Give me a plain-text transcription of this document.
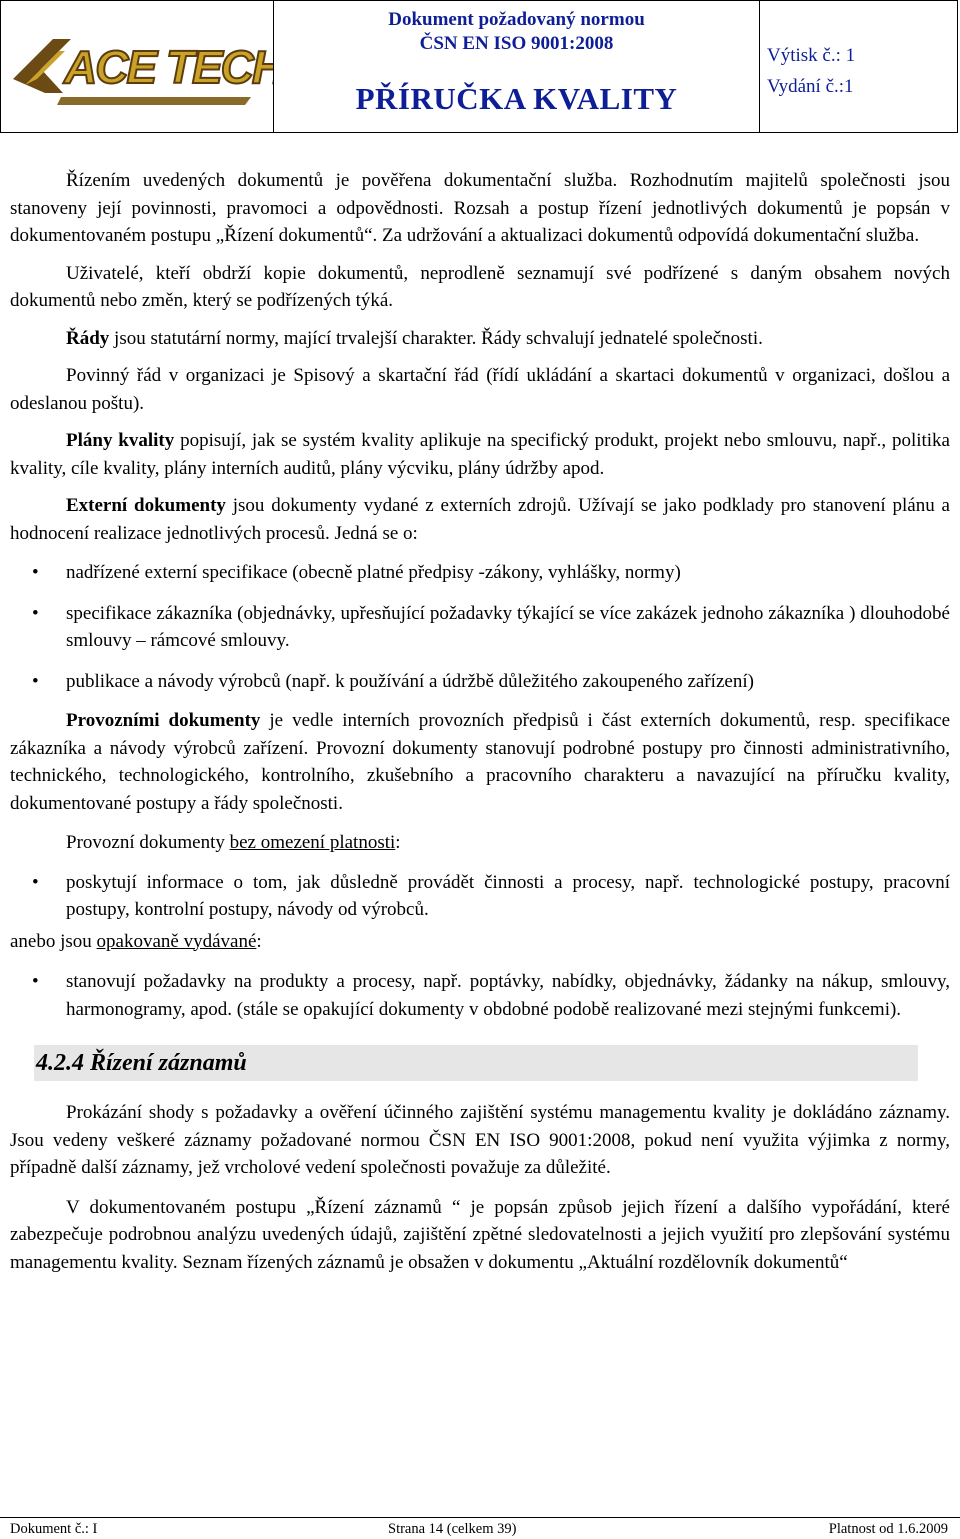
ACE TECH
Dokument požadovaný normou
ČSN EN ISO 9001:2008
PŘÍRUČKA KVALITY
Výtisk č.: 1
Vydání č.:1

Řízením uvedených dokumentů je pověřena dokumentační služba. Rozhodnutím majitelů společnosti jsou stanoveny její povinnosti, pravomoci a odpovědnosti. Rozsah a postup řízení jednotlivých dokumentů je popsán v dokumentovaném postupu „Řízení dokumentů“. Za udržování a aktualizaci dokumentů odpovídá dokumentační služba.

Uživatelé, kteří obdrží kopie dokumentů, neprodleně seznamují své podřízené s daným obsahem nových dokumentů nebo změn, který se podřízených týká.

Řády jsou statutární normy, mající trvalejší charakter. Řády schvalují jednatelé společnosti.

Povinný řád v organizaci je Spisový a skartační řád (řídí ukládání a skartaci dokumentů v organizaci, došlou a odeslanou poštu).

Plány kvality popisují, jak se systém kvality aplikuje na specifický produkt, projekt nebo smlouvu, např., politika kvality, cíle kvality, plány interních auditů, plány výcviku, plány údržby apod.

Externí dokumenty jsou dokumenty vydané z externích zdrojů. Užívají se jako podklady pro stanovení plánu a hodnocení realizace jednotlivých procesů. Jedná se o:

• nadřízené externí specifikace (obecně platné předpisy -zákony, vyhlášky, normy)
• specifikace zákazníka (objednávky, upřesňující požadavky týkající se více zakázek jednoho zákazníka ) dlouhodobé smlouvy – rámcové smlouvy.
• publikace a návody výrobců (např. k používání a údržbě důležitého zakoupeného zařízení)

Provozními dokumenty je vedle interních provozních předpisů i část externích dokumentů, resp. specifikace zákazníka a návody výrobců zařízení. Provozní dokumenty stanovují podrobné postupy pro činnosti administrativního, technického, technologického, kontrolního, zkušebního a pracovního charakteru a navazující na příručku kvality, dokumentované postupy a řády společnosti.

Provozní dokumenty bez omezení platnosti:

• poskytují informace o tom, jak důsledně provádět činnosti a procesy, např. technologické postupy, pracovní postupy, kontrolní postupy, návody od výrobců.

anebo jsou opakovaně vydávané:

• stanovují požadavky na produkty a procesy, např. poptávky, nabídky, objednávky, žádanky na nákup, smlouvy, harmonogramy, apod. (stále se opakující dokumenty v obdobné podobě realizované mezi stejnými funkcemi).
4.2.4 Řízení záznamů

Prokázání shody s požadavky a ověření účinného zajištění systému managementu kvality je dokládáno záznamy. Jsou vedeny veškeré záznamy požadované normou ČSN EN ISO 9001:2008, pokud není využita výjimka z normy, případně další záznamy, jež vrcholové vedení společnosti považuje za důležité.

V dokumentovaném postupu „Řízení záznamů “ je popsán způsob jejich řízení a dalšího vypořádání, které zabezpečuje podrobnou analýzu uvedených údajů, zajištění zpětné sledovatelnosti a jejich využití pro zlepšování systému managementu kvality. Seznam řízených záznamů je obsažen v dokumentu „Aktuální rozdělovník dokumentů“

Dokument č.: I	Strana 14 (celkem 39)	Platnost od 1.6.2009
